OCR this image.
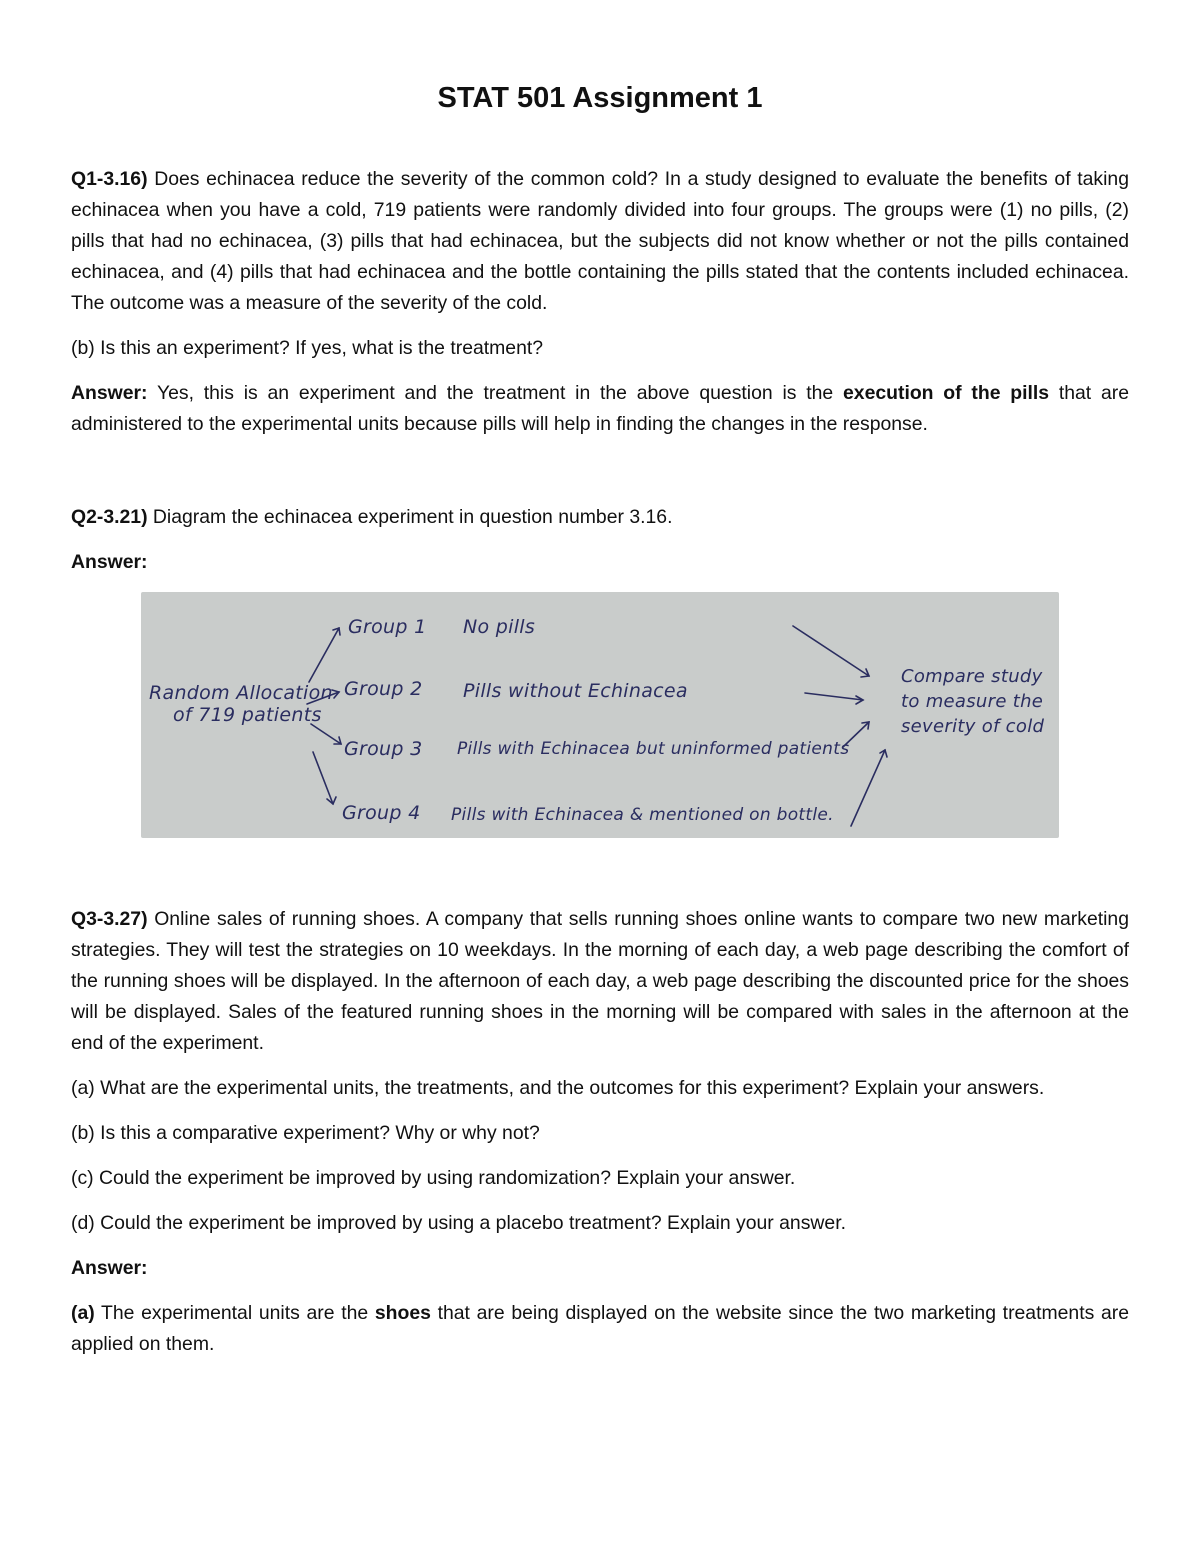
STAT 501 Assignment 1

Q1-3.16) Does echinacea reduce the severity of the common cold? In a study designed to evaluate the benefits of taking echinacea when you have a cold, 719 patients were randomly divided into four groups. The groups were (1) no pills, (2) pills that had no echinacea, (3) pills that had echinacea, but the subjects did not know whether or not the pills contained echinacea, and (4) pills that had echinacea and the bottle containing the pills stated that the contents included echinacea. The outcome was a measure of the severity of the cold.

(b) Is this an experiment? If yes, what is the treatment?

Answer: Yes, this is an experiment and the treatment in the above question is the execution of the pills that are administered to the experimental units because pills will help in finding the changes in the response.

Q2-3.21) Diagram the echinacea experiment in question number 3.16.

Answer:

Random Allocation
of 719 patients
Group 1
Group 2
Group 3
Group 4
No pills
Pills without Echinacea
Pills with Echinacea but uninformed patients
Pills with Echinacea & mentioned on bottle.
Compare study
to measure the
severity of cold

Q3-3.27) Online sales of running shoes. A company that sells running shoes online wants to compare two new marketing strategies. They will test the strategies on 10 weekdays. In the morning of each day, a web page describing the comfort of the running shoes will be displayed. In the afternoon of each day, a web page describing the discounted price for the shoes will be displayed. Sales of the featured running shoes in the morning will be compared with sales in the afternoon at the end of the experiment.

(a) What are the experimental units, the treatments, and the outcomes for this experiment? Explain your answers.

(b) Is this a comparative experiment? Why or why not?

(c) Could the experiment be improved by using randomization? Explain your answer.

(d) Could the experiment be improved by using a placebo treatment? Explain your answer.

Answer:

(a) The experimental units are the shoes that are being displayed on the website since the two marketing treatments are applied on them.
